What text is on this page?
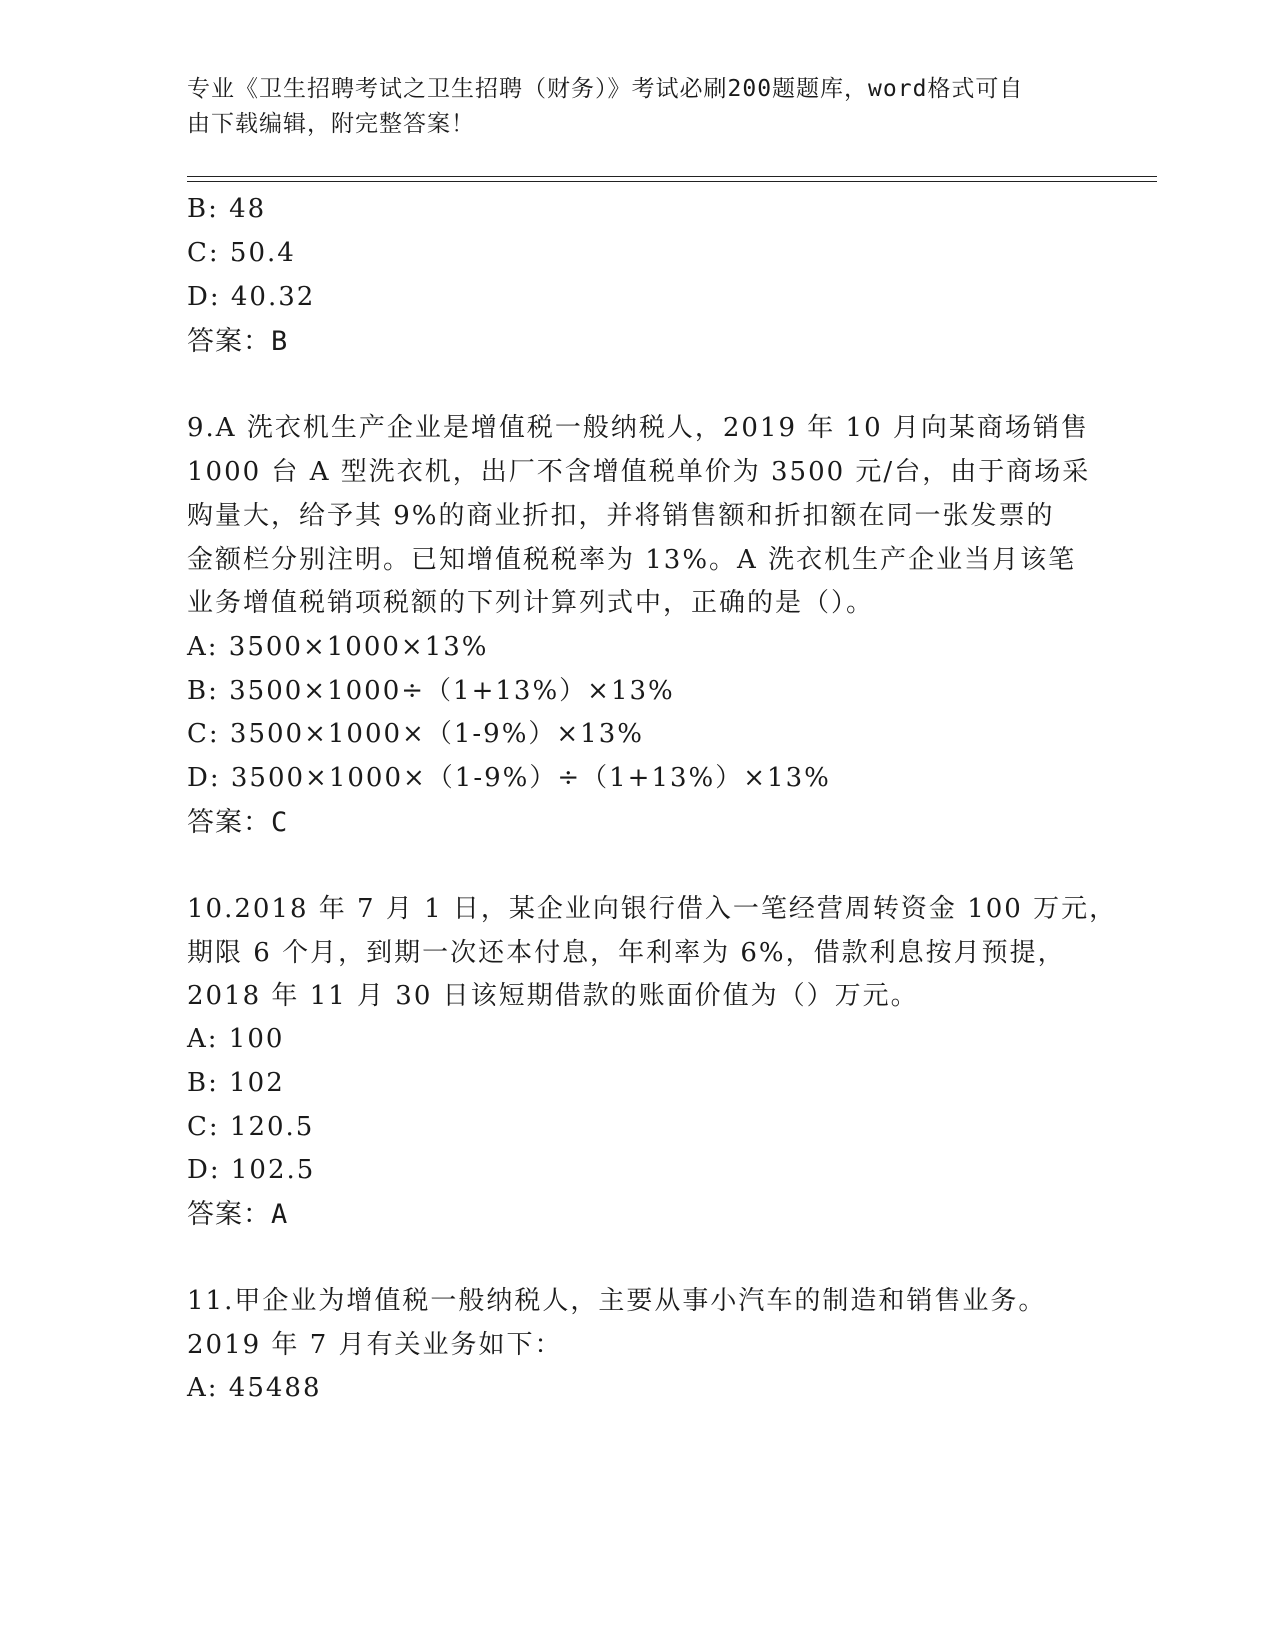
专业《卫生招聘考试之卫生招聘（财务）》考试必刷200题题库，word格式可自
由下载编辑，附完整答案！
B: 48
C: 50.4
D: 40.32
答案：B
9.A 洗衣机生产企业是增值税一般纳税人，2019 年 10 月向某商场销售
1000 台 A 型洗衣机，出厂不含增值税单价为 3500 元/台，由于商场采
购量大，给予其 9%的商业折扣，并将销售额和折扣额在同一张发票的
金额栏分别注明。已知增值税税率为 13%。A 洗衣机生产企业当月该笔
业务增值税销项税额的下列计算列式中，正确的是（）。
A: 3500×1000×13%
B: 3500×1000÷（1+13%）×13%
C: 3500×1000×（1-9%）×13%
D: 3500×1000×（1-9%）÷（1+13%）×13%
答案：C
10.2018 年 7 月 1 日，某企业向银行借入一笔经营周转资金 100 万元，
期限 6 个月，到期一次还本付息，年利率为 6%，借款利息按月预提，
2018 年 11 月 30 日该短期借款的账面价值为（）万元。
A: 100
B: 102
C: 120.5
D: 102.5
答案：A
11.甲企业为增值税一般纳税人，主要从事小汽车的制造和销售业务。
2019 年 7 月有关业务如下：
A: 45488
